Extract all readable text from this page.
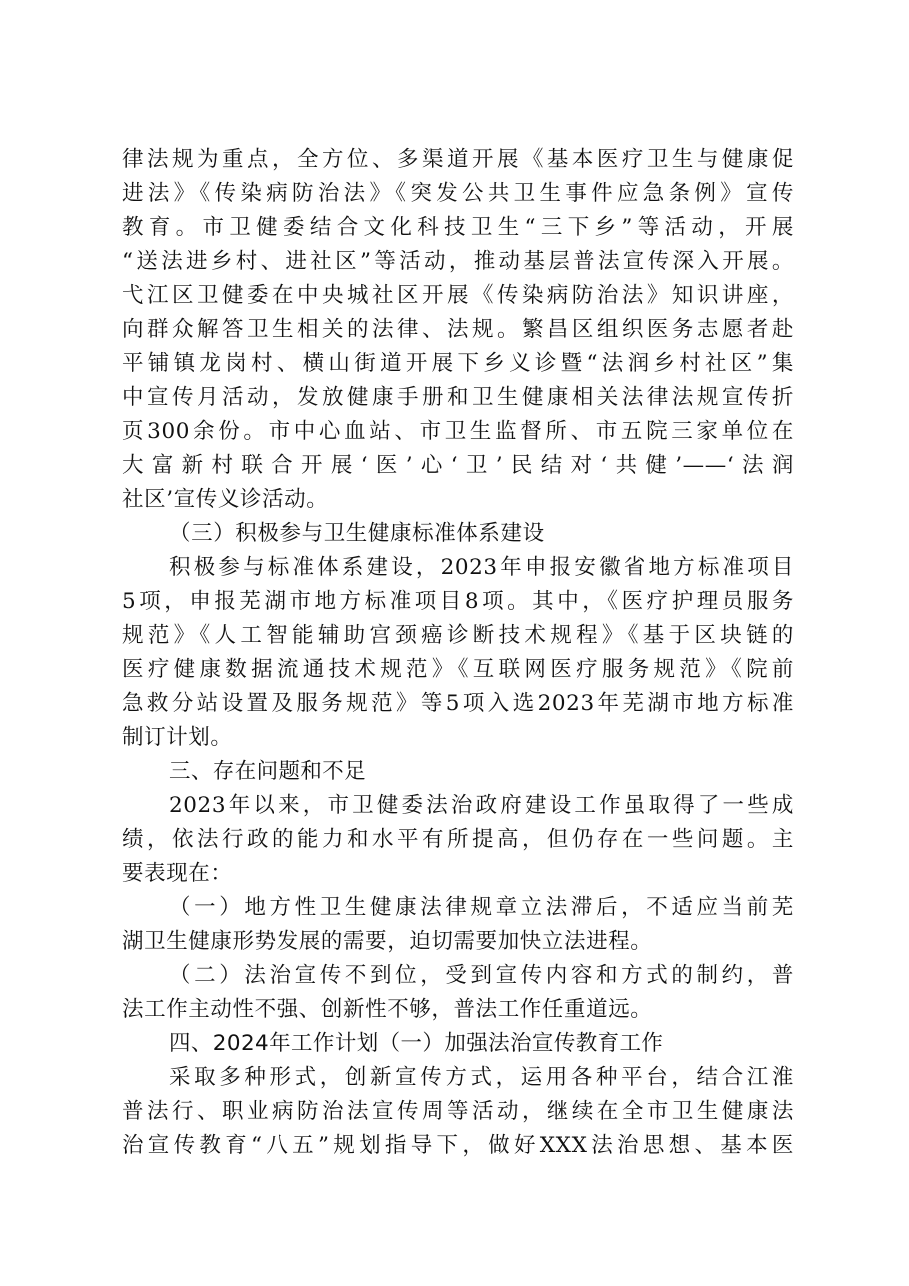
律法规为重点，全方位、多渠道开展《基本医疗卫生与健康促
进法》《传染病防治法》《突发公共卫生事件应急条例》宣传
教育。市卫健委结合文化科技卫生“三下乡”等活动，开展
“送法进乡村、进社区”等活动，推动基层普法宣传深入开展。
弋江区卫健委在中央城社区开展《传染病防治法》知识讲座，
向群众解答卫生相关的法律、法规。繁昌区组织医务志愿者赴
平铺镇龙岗村、横山街道开展下乡义诊暨“法润乡村社区”集
中宣传月活动，发放健康手册和卫生健康相关法律法规宣传折
页300余份。市中心血站、市卫生监督所、市五院三家单位在
大富新村联合开展‘医’心‘卫’民结对‘共健’——‘法润
社区’宣传义诊活动。
（三）积极参与卫生健康标准体系建设
积极参与标准体系建设，2023年申报安徽省地方标准项目
5项，申报芜湖市地方标准项目8项。其中，《医疗护理员服务
规范》《人工智能辅助宫颈癌诊断技术规程》《基于区块链的
医疗健康数据流通技术规范》《互联网医疗服务规范》《院前
急救分站设置及服务规范》等5项入选2023年芜湖市地方标准
制订计划。
三、存在问题和不足
2023年以来，市卫健委法治政府建设工作虽取得了一些成
绩，依法行政的能力和水平有所提高，但仍存在一些问题。主
要表现在：
（一）地方性卫生健康法律规章立法滞后，不适应当前芜
湖卫生健康形势发展的需要，迫切需要加快立法进程。
（二）法治宣传不到位，受到宣传内容和方式的制约，普
法工作主动性不强、创新性不够，普法工作任重道远。
四、2024年工作计划（一）加强法治宣传教育工作
采取多种形式，创新宣传方式，运用各种平台，结合江淮
普法行、职业病防治法宣传周等活动，继续在全市卫生健康法
治宣传教育“八五”规划指导下，做好XXX法治思想、基本医
